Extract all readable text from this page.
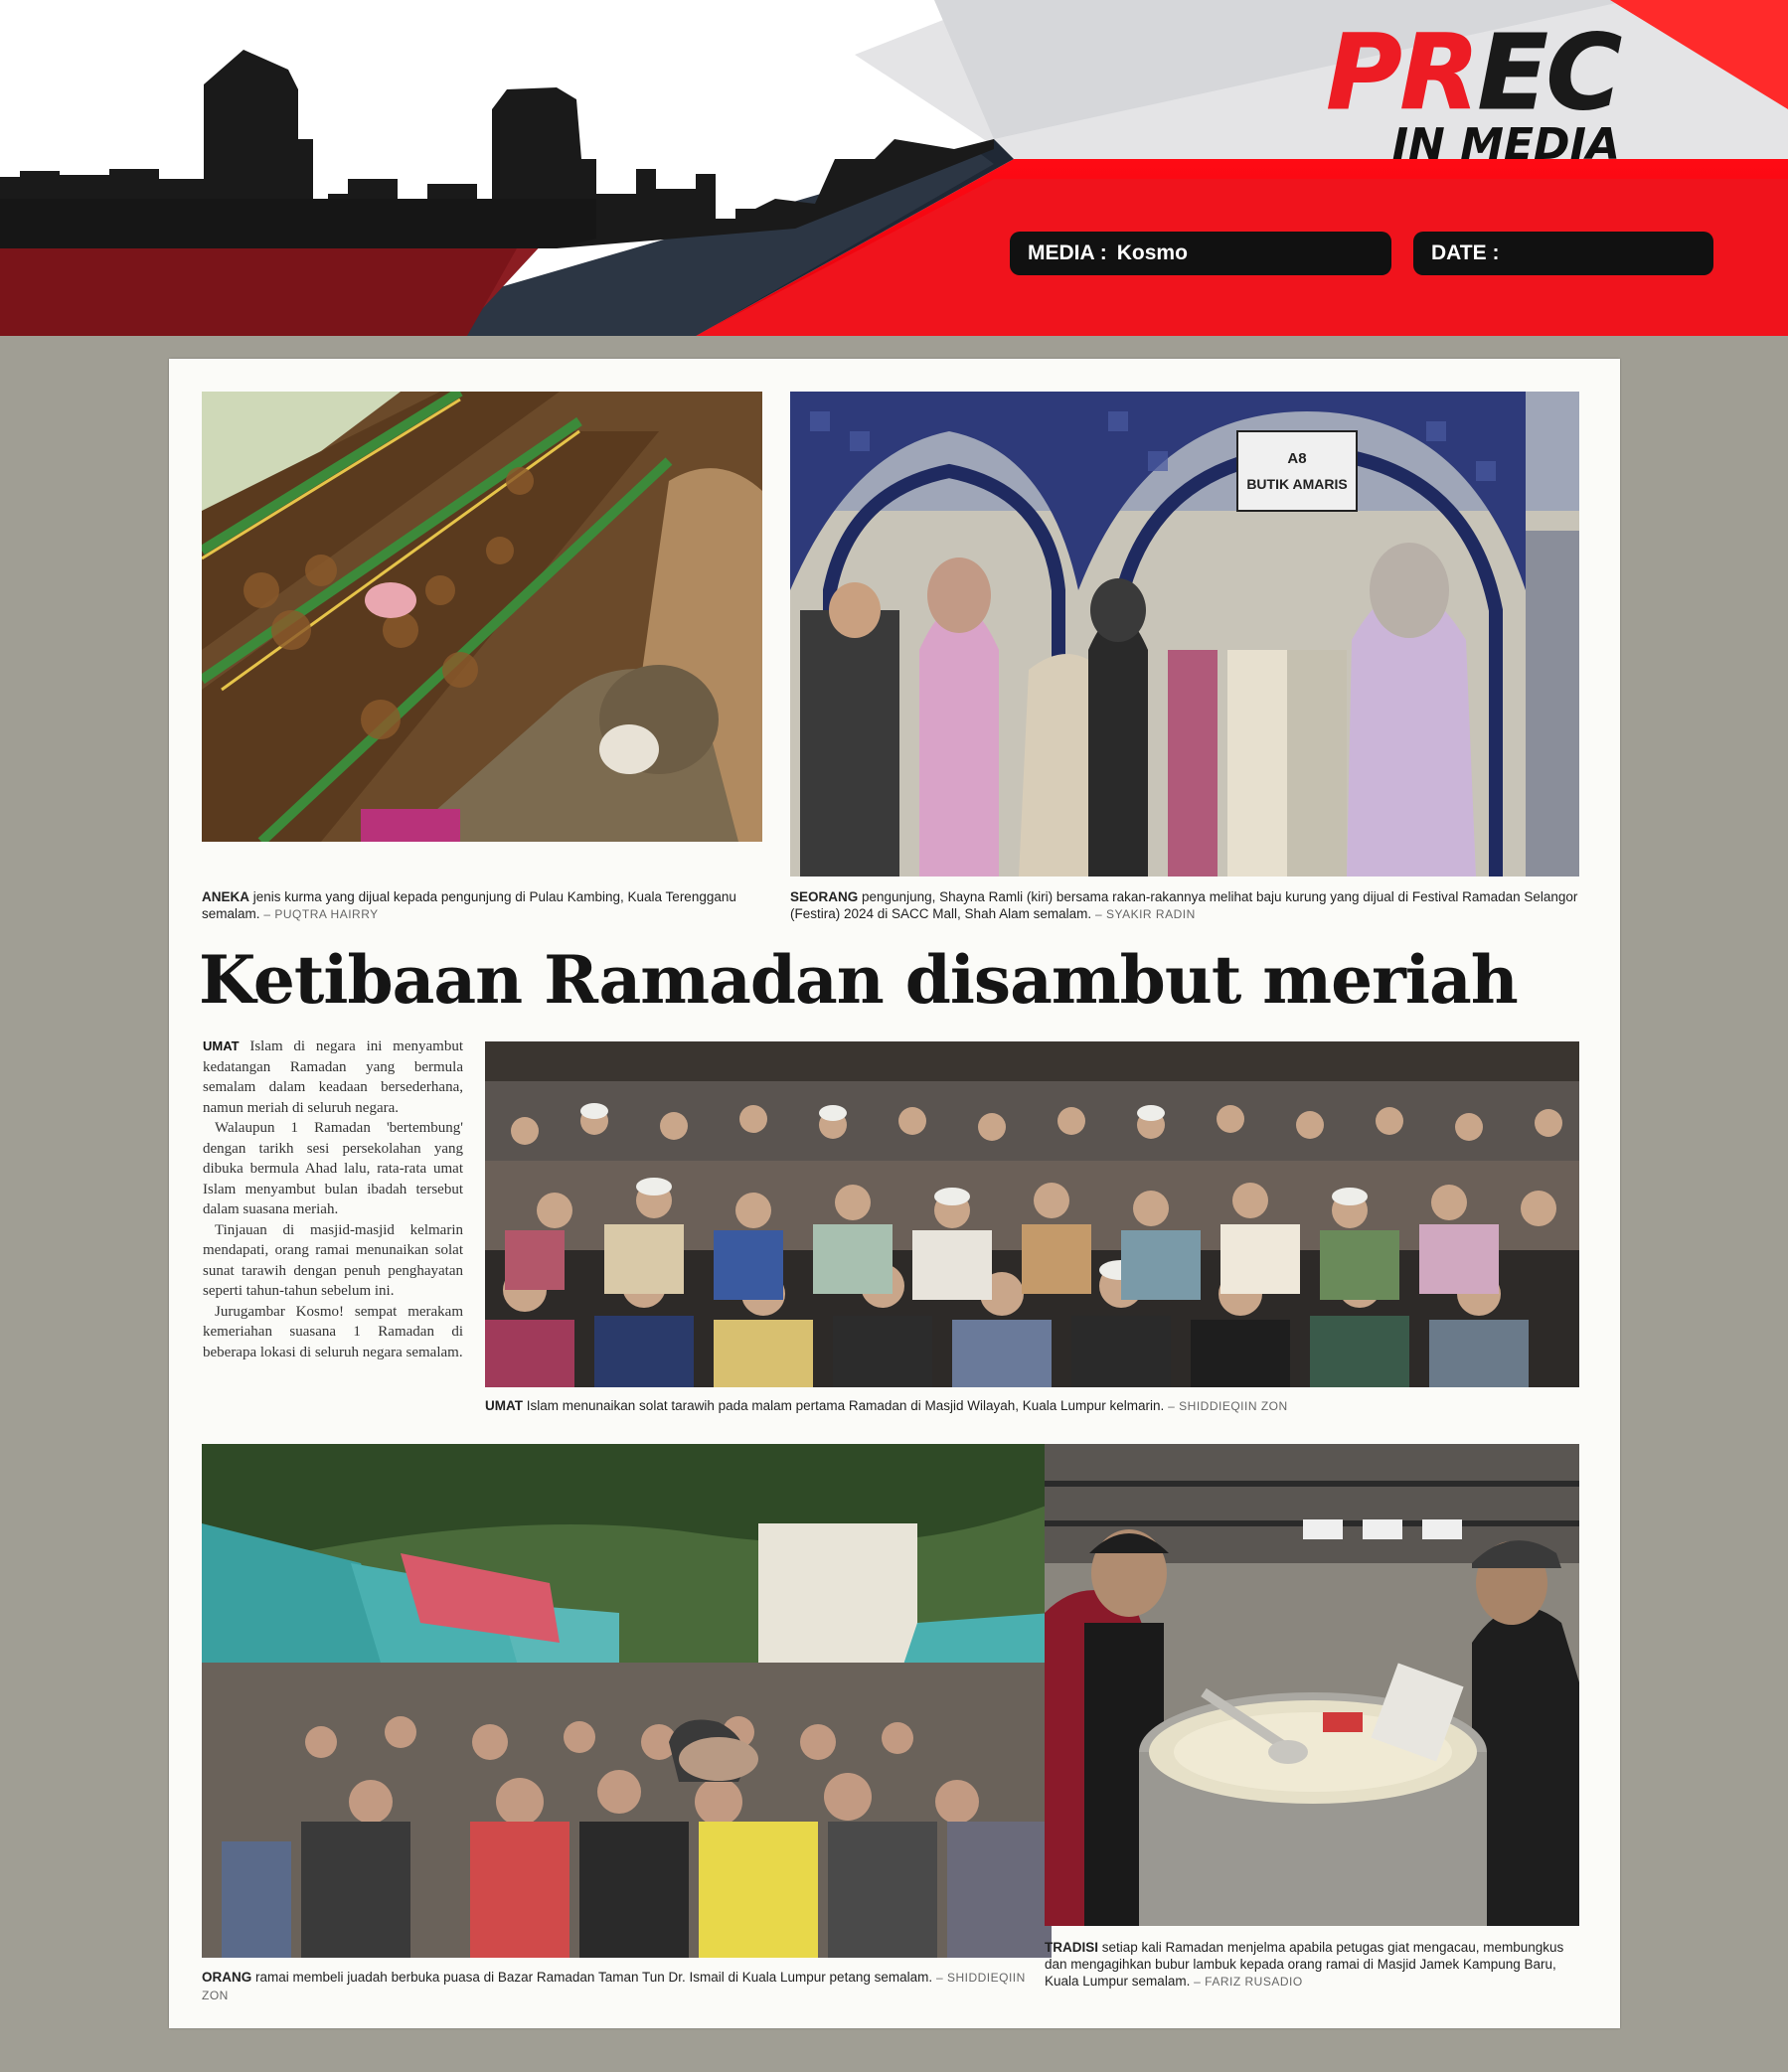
PREC
IN MEDIA
MEDIA : Kosmo	DATE :
ANEKA jenis kurma yang dijual kepada pengunjung di Pulau Kambing, Kuala Terengganu semalam. – PUQTRA HAIRRY
A8
BUTIK AMARIS
SEORANG pengunjung, Shayna Ramli (kiri) bersama rakan-rakannya melihat baju kurung yang dijual di Festival Ramadan Selangor (Festira) 2024 di SACC Mall, Shah Alam semalam. – SYAKIR RADIN
Ketibaan Ramadan disambut meriah

UMAT Islam di negara ini menyambut kedatangan Ramadan yang bermula semalam dalam keadaan bersederhana, namun meriah di seluruh negara.

Walaupun 1 Ramadan 'bertembung' dengan tarikh sesi persekolahan yang dibuka bermula Ahad lalu, rata-rata umat Islam menyambut bulan ibadah tersebut dalam suasana meriah.

Tinjauan di masjid-masjid kelmarin mendapati, orang ramai menunaikan solat sunat tarawih dengan penuh penghayatan seperti tahun-tahun sebelum ini.

Jurugambar Kosmo! sempat merakam kemeriahan suasana 1 Ramadan di beberapa lokasi di seluruh negara semalam.

UMAT Islam menunaikan solat tarawih pada malam pertama Ramadan di Masjid Wilayah, Kuala Lumpur kelmarin. – SHIDDIEQIIN ZON
ORANG ramai membeli juadah berbuka puasa di Bazar Ramadan Taman Tun Dr. Ismail di Kuala Lumpur petang semalam. – SHIDDIEQIIN ZON
TRADISI setiap kali Ramadan menjelma apabila petugas giat mengacau, membungkus dan mengagihkan bubur lambuk kepada orang ramai di Masjid Jamek Kampung Baru, Kuala Lumpur semalam. – FARIZ RUSADIO
